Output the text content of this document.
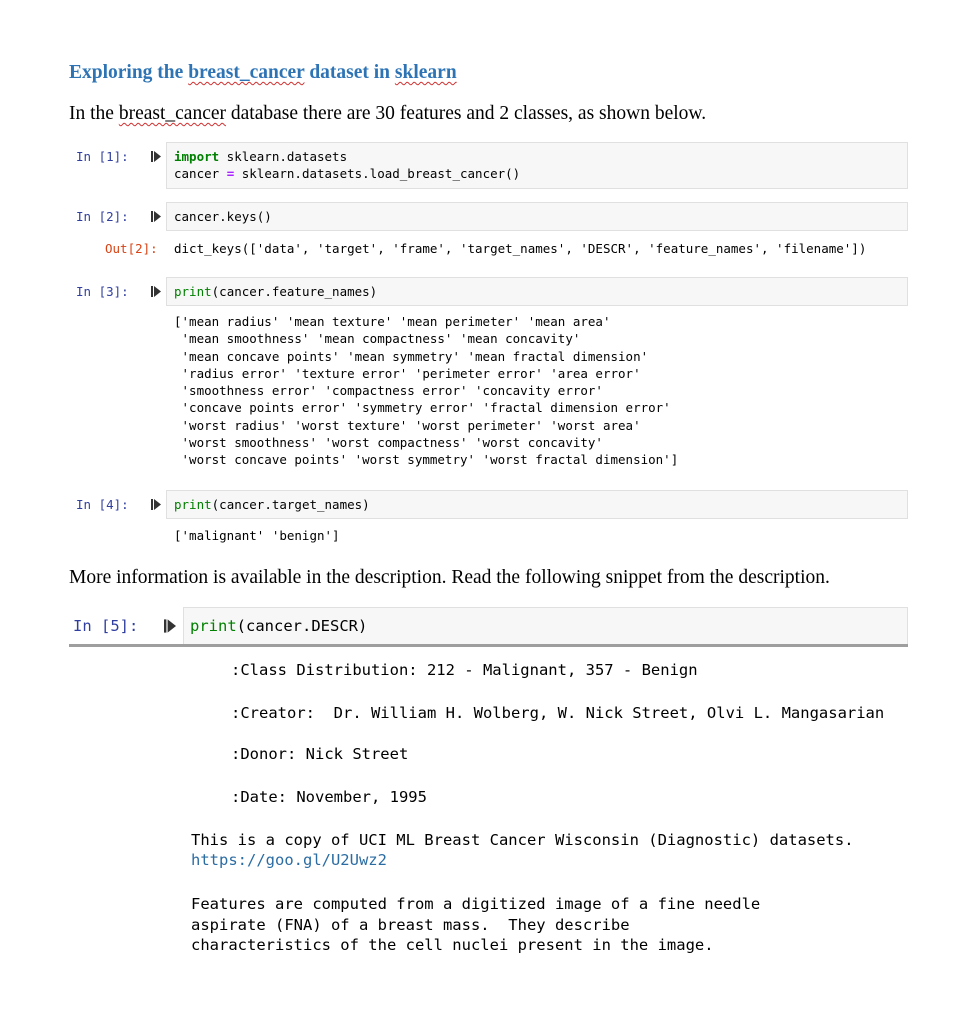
Exploring the breast_cancer dataset in sklearn

In the breast_cancer database there are 30 features and 2 classes, as shown below.

In [1]:	import sklearn.datasets
cancer = sklearn.datasets.load_breast_cancer()
In [2]:	cancer.keys()
Out[2]: dict_keys(['data', 'target', 'frame', 'target_names', 'DESCR', 'feature_names', 'filename'])
In [3]:	print(cancer.feature_names)
['mean radius' 'mean texture' 'mean perimeter' 'mean area'
'mean smoothness' 'mean compactness' 'mean concavity'
'mean concave points' 'mean symmetry' 'mean fractal dimension'
'radius error' 'texture error' 'perimeter error' 'area error'
'smoothness error' 'compactness error' 'concavity error'
'concave points error' 'symmetry error' 'fractal dimension error'
'worst radius' 'worst texture' 'worst perimeter' 'worst area'
'worst smoothness' 'worst compactness' 'worst concavity'
'worst concave points' 'worst symmetry' 'worst fractal dimension']
In [4]:	print(cancer.target_names)
['malignant' 'benign']

More information is available in the description. Read the following snippet from the description.

In [5]:	print(cancer.DESCR)
:Class Distribution: 212 - Malignant, 357 - Benign
:Creator:  Dr. William H. Wolberg, W. Nick Street, Olvi L. Mangasarian
:Donor: Nick Street
:Date: November, 1995
This is a copy of UCI ML Breast Cancer Wisconsin (Diagnostic) datasets.
https://goo.gl/U2Uwz2
Features are computed from a digitized image of a fine needle
aspirate (FNA) of a breast mass.  They describe
characteristics of the cell nuclei present in the image.
